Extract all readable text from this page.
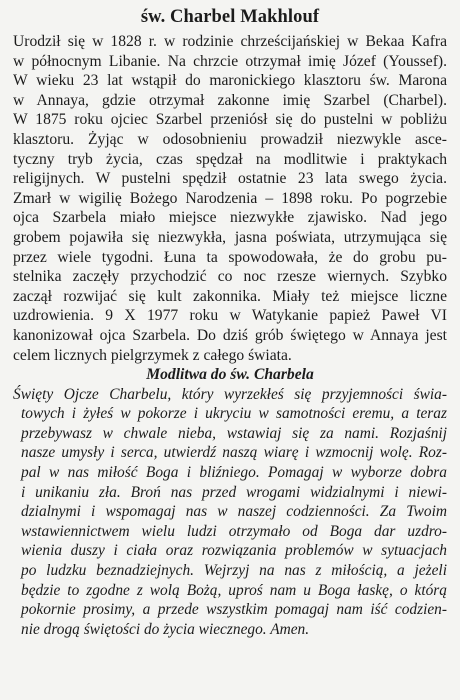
św. Charbel Makhlouf
Urodził się w 1828 r. w rodzinie chrześcijańskiej w Bekaa Kafra
w północnym Libanie. Na chrzcie otrzymał imię Józef (Youssef).
W wieku 23 lat wstąpił do maronickiego klasztoru św. Marona
w Annaya, gdzie otrzymał zakonne imię Szarbel (Charbel).
W 1875 roku ojciec Szarbel przeniósł się do pustelni w pobliżu
klasztoru. Żyjąc w odosobnieniu prowadził niezwykle asce-
tyczny tryb życia, czas spędzał na modlitwie i praktykach
religijnych. W pustelni spędził ostatnie 23 lata swego życia.
Zmarł w wigilię Bożego Narodzenia – 1898 roku. Po pogrzebie
ojca Szarbela miało miejsce niezwykłe zjawisko. Nad jego
grobem pojawiła się niezwykła, jasna poświata, utrzymująca się
przez wiele tygodni. Łuna ta spowodowała, że do grobu pu-
stelnika zaczęły przychodzić co noc rzesze wiernych. Szybko
zaczął rozwijać się kult zakonnika. Miały też miejsce liczne
uzdrowienia. 9 X 1977 roku w Watykanie papież Paweł VI
kanonizował ojca Szarbela. Do dziś grób świętego w Annaya jest
celem licznych pielgrzymek z całego świata.
Modlitwa do św. Charbela
Święty Ojcze Charbelu, który wyrzekłeś się przyjemności świa-
towych i żyłeś w pokorze i ukryciu w samotności eremu, a teraz
przebywasz w chwale nieba, wstawiaj się za nami. Rozjaśnij
nasze umysły i serca, utwierdź naszą wiarę i wzmocnij wolę. Roz-
pal w nas miłość Boga i bliźniego. Pomagaj w wyborze dobra
i unikaniu zła. Broń nas przed wrogami widzialnymi i niewi-
dzialnymi i wspomagaj nas w naszej codzienności. Za Twoim
wstawiennictwem wielu ludzi otrzymało od Boga dar uzdro-
wienia duszy i ciała oraz rozwiązania problemów w sytuacjach
po ludzku beznadziejnych. Wejrzyj na nas z miłością, a jeżeli
będzie to zgodne z wolą Bożą, uproś nam u Boga łaskę, o którą
pokornie prosimy, a przede wszystkim pomagaj nam iść codzien-
nie drogą świętości do życia wiecznego. Amen.
